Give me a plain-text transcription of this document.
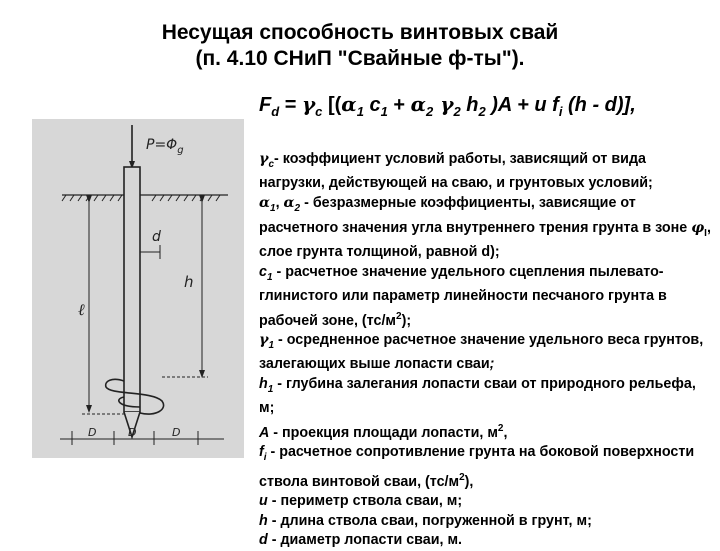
Несущая способность винтовых свай
(п. 4.10 СНиП "Свайные ф-ты").
$F_d = \gamma_c$ [($\alpha_1$ $c_1 + \alpha_2$ $\gamma_2$ $h_2$ )A + u $f_i$ (h - d)],

$\gamma_c-$ коэффициент условий работы, зависящий от вида нагрузки, действующей на сваю, и грунтовых условий;

$\alpha_1$, $\alpha_2$ - безразмерные коэффициенты, зависящие от расчетного значения угла внутреннего трения грунта в зоне $\varphi_I$, слое грунта толщиной, равной d);

$c_1$ - расчетное значение удельного сцепления пылевато-глинистого или параметр линейности песчаного грунта в рабочей зоне, $(тс/м^2)$;

$\gamma_1$ - осредненное расчетное значение удельного веса грунтов, залегающих выше лопасти сваи;

$h_1$ - глубина залегания лопасти сваи от природного рельефа, м;

A - проекция площади лопасти, $м^2$,

$f_i$ - расчетное сопротивление грунта на боковой поверхности ствола винтовой сваи, $(тс/м^2)$,

u - периметр ствола сваи, м;

h - длина ствола сваи, погруженной в грунт, м;

d - диаметр лопасти сваи, м.

$P=\Phi_g$
d
ℓ
h
D	D	D
